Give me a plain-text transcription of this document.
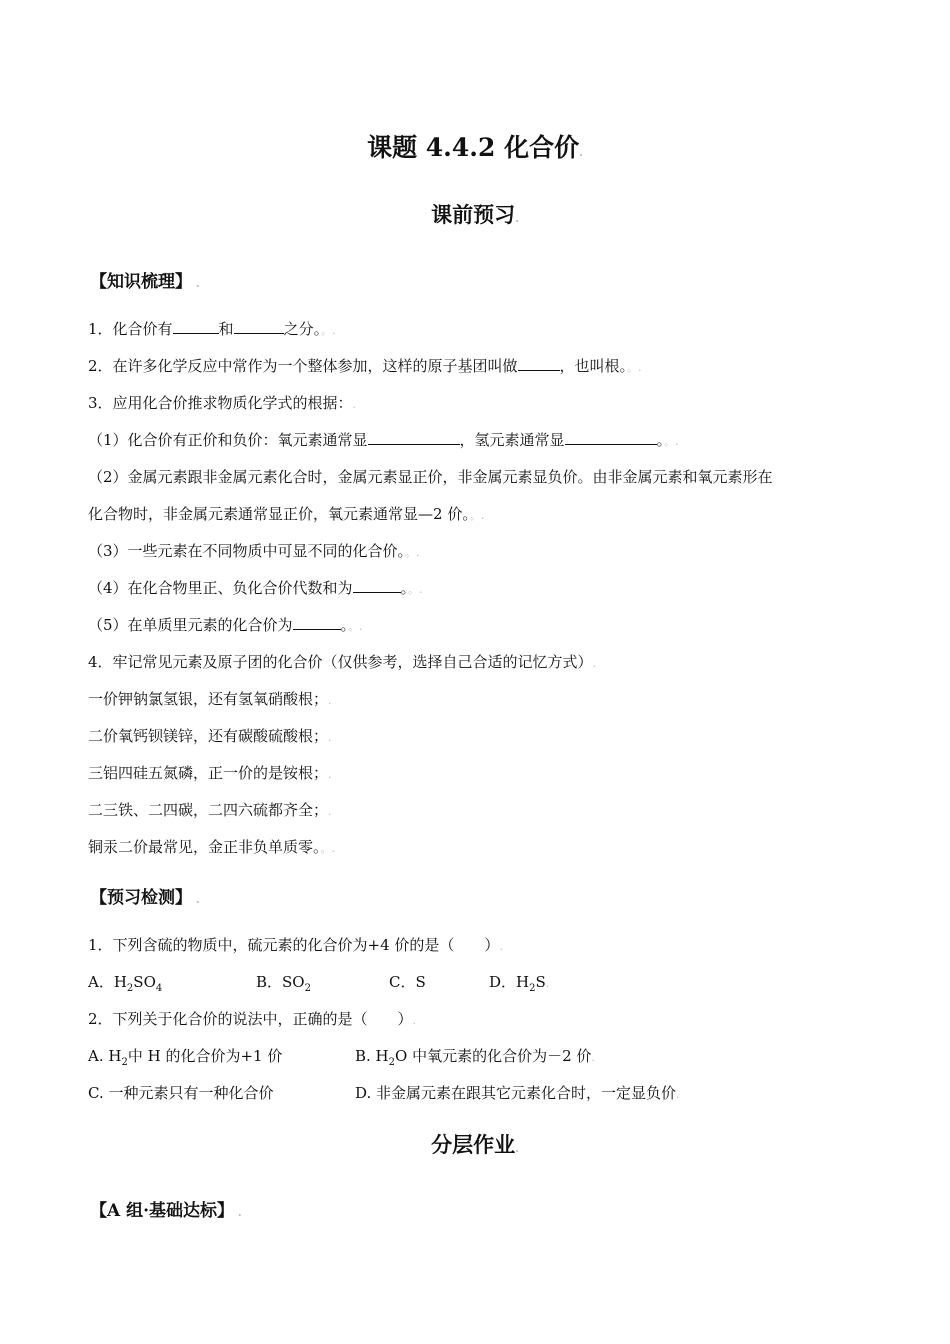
课题 4.4.2 化合价.
课前预习.
【知识梳理】 .
1．化合价有	和	之分。。.
2．在许多化学反应中常作为一个整体参加，这样的原子基团叫做	，也叫根。。.
3．应用化合价推求物质化学式的根据：.
（1）化合价有正价和负价：氧元素通常显	，氢元素通常显	。。.
（2）金属元素跟非金属元素化合时，金属元素显正价，非金属元素显负价。由非金属元素和氧元素形在
化合物时，非金属元素通常显正价，氧元素通常显—2 价。。.
（3）一些元素在不同物质中可显不同的化合价。。.
（4）在化合物里正、负化合价代数和为	。。.
（5）在单质里元素的化合价为	。。.
4．牢记常见元素及原子团的化合价（仅供参考，选择自己合适的记忆方式）.
一价钾钠氯氢银，还有氢氧硝酸根；.
二价氧钙钡镁锌，还有碳酸硫酸根；.
三铝四硅五氮磷，正一价的是铵根；.
二三铁、二四碳，二四六硫都齐全；.
铜汞二价最常见，金正非负单质零。。.
【预习检测】 .
1．下列含硫的物质中，硫元素的化合价为+4 价的是（　　）.
A．$H_2SO_4$	B．$SO_2$	C．S	D．$H_2S$.
2．下列关于化合价的说法中，正确的是（　　）.
A. $H_2$中 H 的化合价为+1 价	B. $H_2O$ 中氧元素的化合价为－2 价.
C. 一种元素只有一种化合价	D. 非金属元素在跟其它元素化合时，一定显负价.
分层作业.
【A 组·基础达标】 .
